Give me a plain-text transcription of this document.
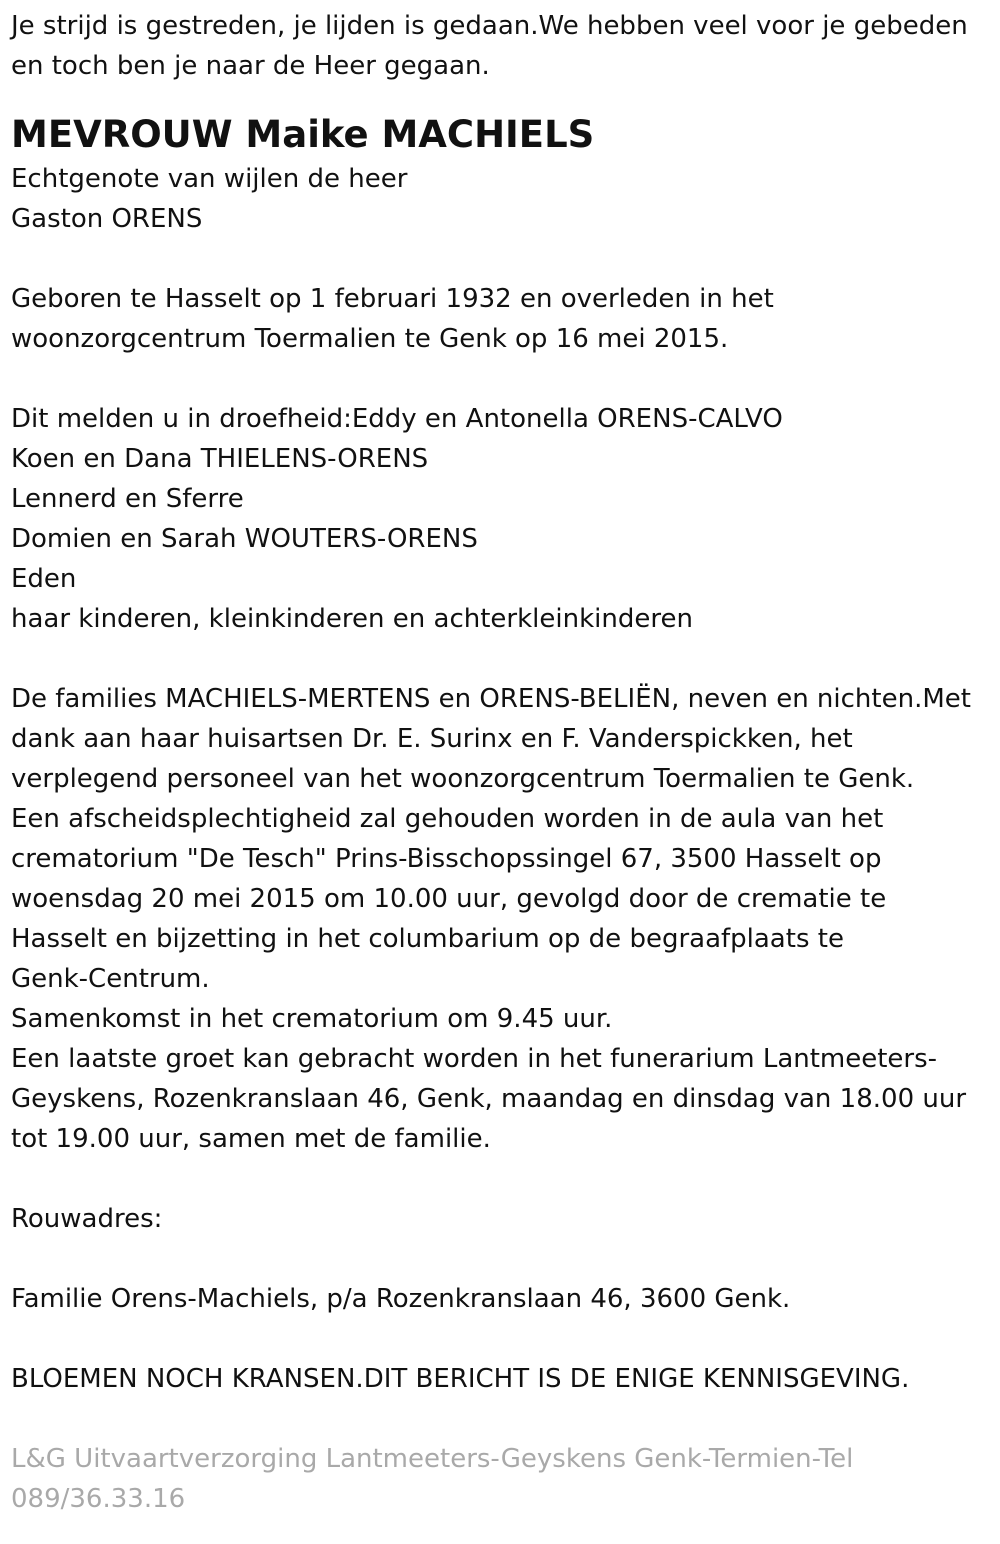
Je strijd is gestreden, je lijden is gedaan.We hebben veel voor je gebeden

en toch ben je naar de Heer gegaan.

MEVROUW Maike MACHIELS

Echtgenote van wijlen de heer

Gaston ORENS

Geboren te Hasselt op 1 februari 1932 en overleden in het

woonzorgcentrum Toermalien te Genk op 16 mei 2015.

Dit melden u in droefheid:Eddy en Antonella ORENS-CALVO

Koen en Dana THIELENS-ORENS

Lennerd en Sferre

Domien en Sarah WOUTERS-ORENS

Eden

haar kinderen, kleinkinderen en achterkleinkinderen

De families MACHIELS-MERTENS en ORENS-BELIËN, neven en nichten.Met

dank aan haar huisartsen Dr. E. Surinx en F. Vanderspickken, het

verplegend personeel van het woonzorgcentrum Toermalien te Genk.

Een afscheidsplechtigheid zal gehouden worden in de aula van het

crematorium "De Tesch" Prins-Bisschopssingel 67, 3500 Hasselt op

woensdag 20 mei 2015 om 10.00 uur, gevolgd door de crematie te

Hasselt en bijzetting in het columbarium op de begraafplaats te

Genk-Centrum.

Samenkomst in het crematorium om 9.45 uur.

Een laatste groet kan gebracht worden in het funerarium Lantmeeters-

Geyskens, Rozenkranslaan 46, Genk, maandag en dinsdag van 18.00 uur

tot 19.00 uur, samen met de familie.

Rouwadres:

Familie Orens-Machiels, p/a Rozenkranslaan 46, 3600 Genk.

BLOEMEN NOCH KRANSEN.DIT BERICHT IS DE ENIGE KENNISGEVING.

L&G Uitvaartverzorging Lantmeeters-Geyskens Genk-Termien-Tel

089/36.33.16
